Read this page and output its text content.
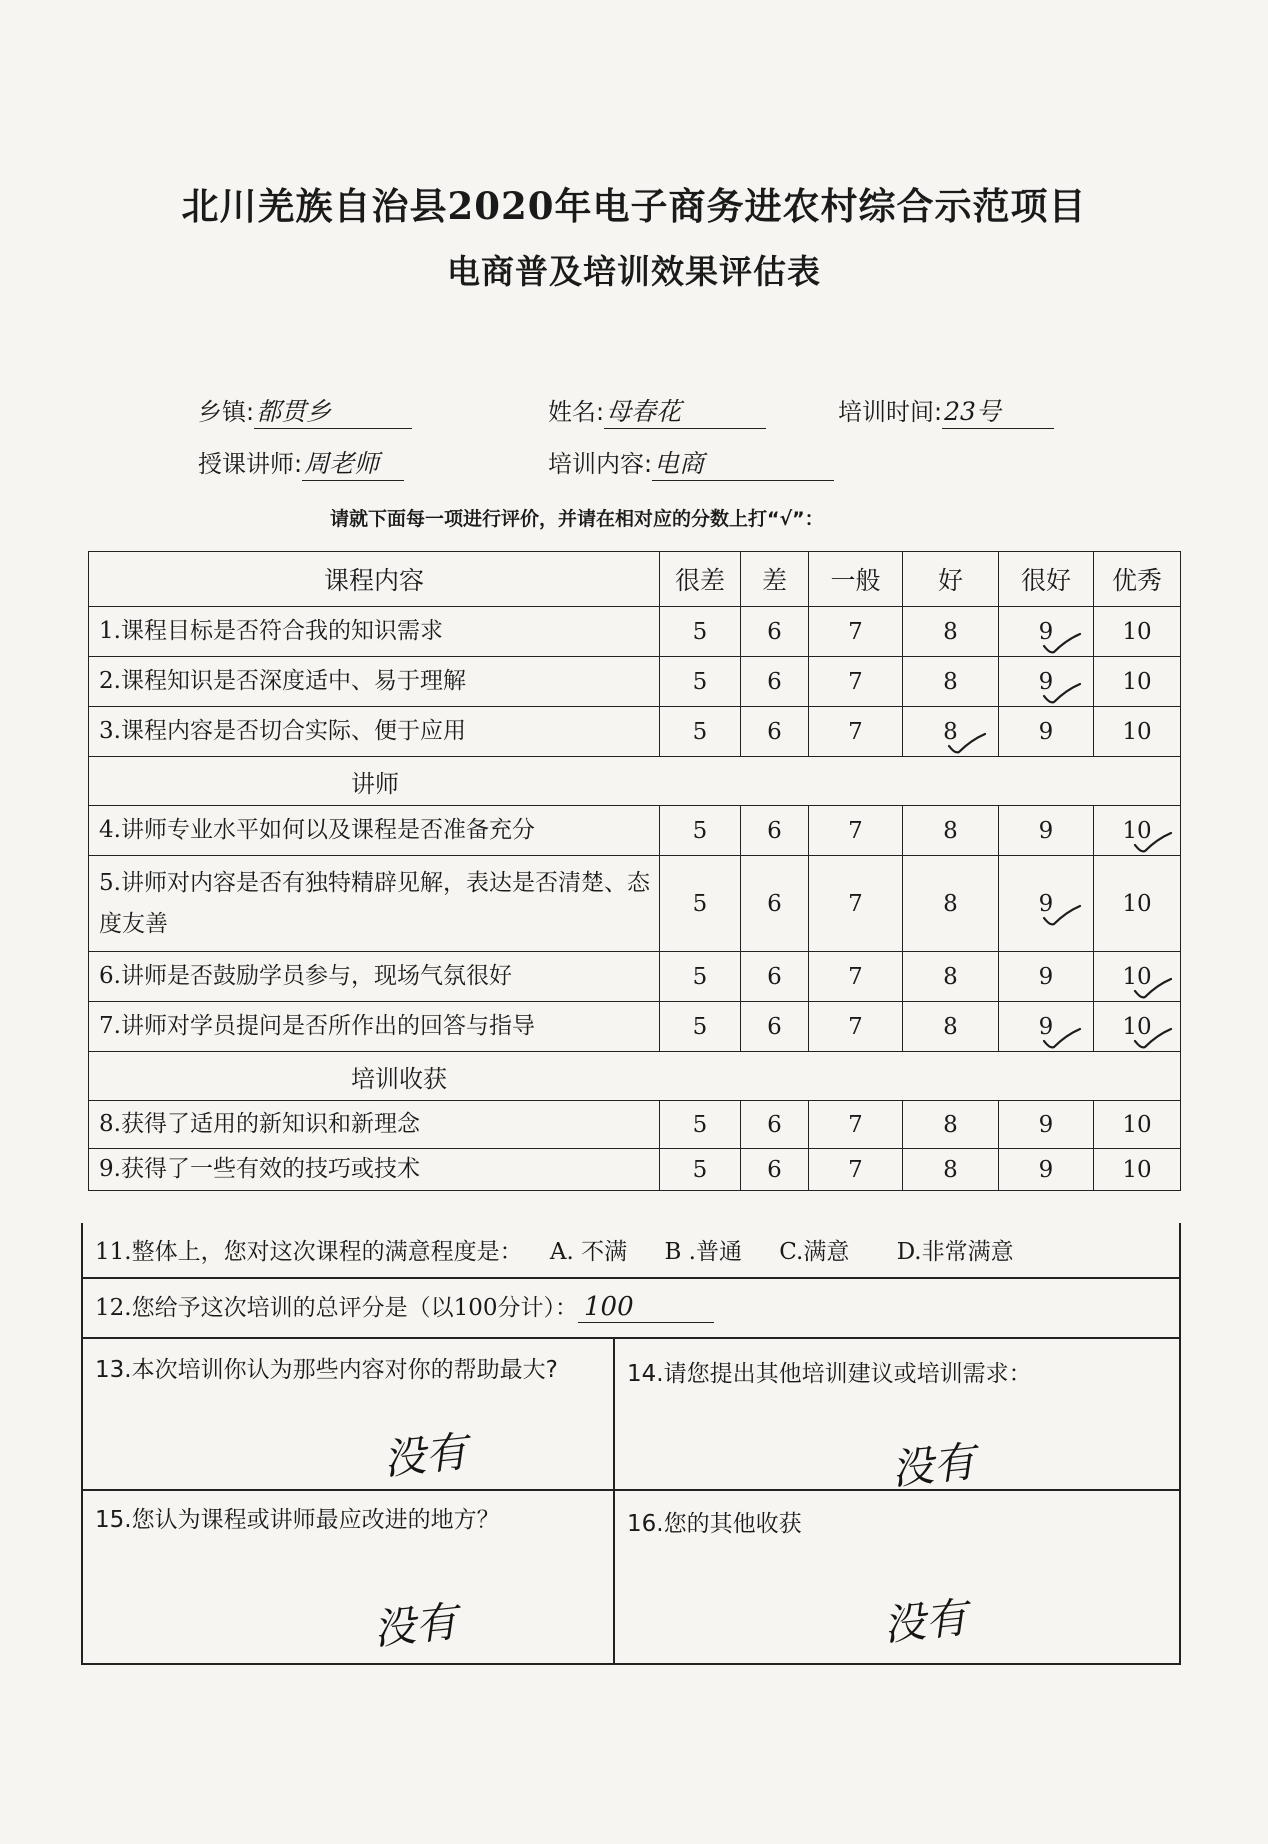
北川羌族自治县2020年电子商务进农村综合示范项目
电商普及培训效果评估表
乡镇:都贯乡	姓名:母春花	培训时间:23号
授课讲师:周老师	培训内容:电商
请就下面每一项进行评价，并请在相对应的分数上打“√”：
课程内容	很差	差	一般	好	很好	优秀
1.课程目标是否符合我的知识需求	5	6	7	8	9	10
2.课程知识是否深度适中、易于理解	5	6	7	8	9	10
3.课程内容是否切合实际、便于应用	5	6	7	8	9	10
讲师						
4.讲师专业水平如何以及课程是否准备充分	5	6	7	8	9	10

5.讲师对内容是否有独特精辟见解，表达是否清楚、态度友善	5	6	7	8	9	10
6.讲师是否鼓励学员参与，现场气氛很好	5	6	7	8	9	10

7.讲师对学员提问是否所作出的回答与指导	5	6	7	8	9	10

培训收获						
8.获得了适用的新知识和新理念	5	6	7	8	9	10
9.获得了一些有效的技巧或技术	5	6	7	8	9	10
11.整体上，您对这次课程的满意程度是： A. 不满 B .普通 C.满意 D.非常满意
12.您给予这次培训的总评分是（以100分计）： 100
13.本次培训你认为那些内容对你的帮助最大?
没有
14.请您提出其他培训建议或培训需求：
没有
15.您认为课程或讲师最应改进的地方？
没有
16.您的其他收获
没有
